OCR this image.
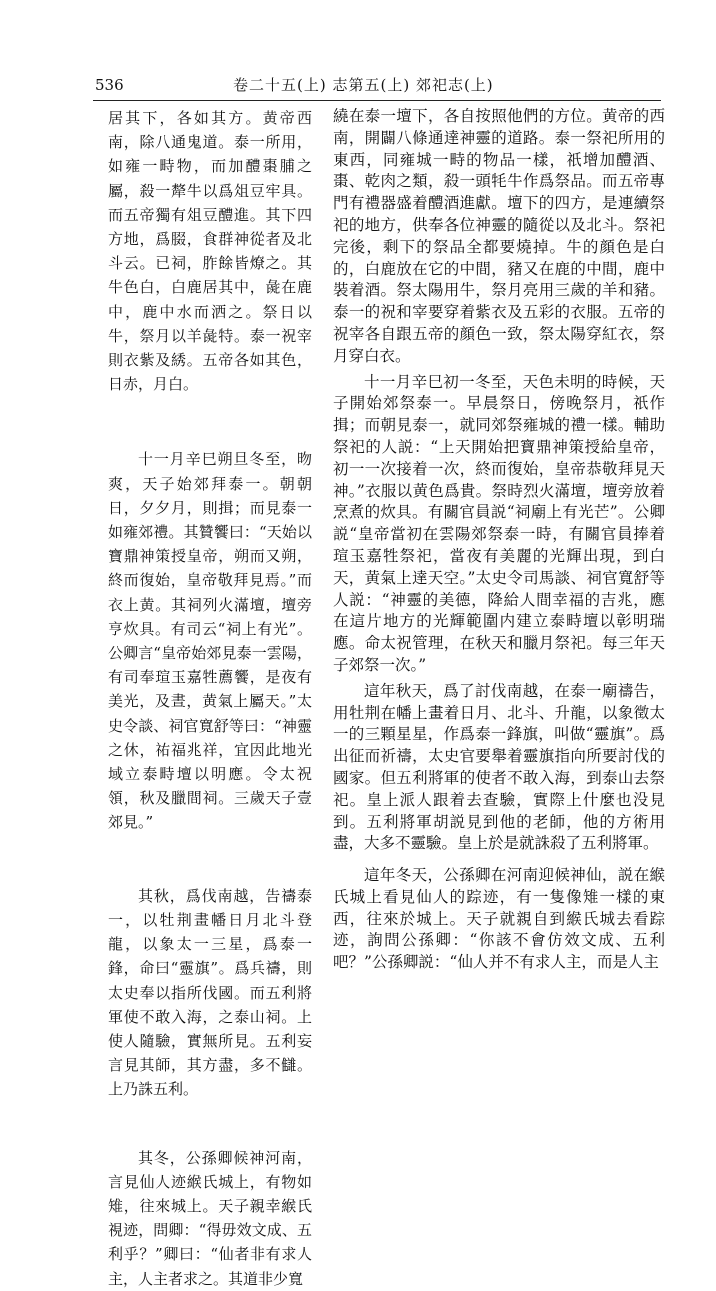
536	卷二十五(上) 志第五(上) 郊祀志(上)

居其下，各如其方。黄帝西南，除八通鬼道。泰一所用，如雍一畤物，而加醴棗脯之屬，殺一犛牛以爲俎豆牢具。而五帝獨有俎豆醴進。其下四方地，爲腏，食群神從者及北斗云。已祠，胙餘皆燎之。其牛色白，白鹿居其中，彘在鹿中，鹿中水而洒之。祭日以牛，祭月以羊彘特。泰一祝宰則衣紫及綉。五帝各如其色，日赤，月白。

十一月辛巳朔旦冬至，昒爽，天子始郊拜泰一。朝朝日，夕夕月，則揖；而見泰一如雍郊禮。其贊饗曰：“天始以寶鼎神策授皇帝，朔而又朔，終而復始，皇帝敬拜見焉。”而衣上黄。其祠列火滿壇，壇旁亨炊具。有司云“祠上有光”。公卿言“皇帝始郊見泰一雲陽，有司奉瑄玉嘉牲薦饗，是夜有美光，及晝，黄氣上屬天。”太史令談、祠官寬舒等曰：“神靈之休，祐福兆祥，宜因此地光域立泰畤壇以明應。令太祝領，秋及臘間祠。三歲天子壹郊見。”

其秋，爲伐南越，告禱泰一，以牡荆畫幡日月北斗登龍，以象太一三星，爲泰一鋒，命曰“靈旗”。爲兵禱，則太史奉以指所伐國。而五利將軍使不敢入海，之泰山祠。上使人隨驗，實無所見。五利妄言見其師，其方盡，多不讎。上乃誅五利。

其冬，公孫卿候神河南，言見仙人迹緱氏城上，有物如雉，往來城上。天子親幸緱氏視迹，問卿：“得毋效文成、五利乎？”卿曰：“仙者非有求人主，人主者求之。其道非少寬

繞在泰一壇下，各自按照他們的方位。黄帝的西南，開闢八條通達神靈的道路。泰一祭祀所用的東西，同雍城一畤的物品一樣，祇增加醴酒、棗、乾肉之類，殺一頭牦牛作爲祭品。而五帝專門有禮器盛着醴酒進獻。壇下的四方，是連續祭祀的地方，供奉各位神靈的隨從以及北斗。祭祀完後，剩下的祭品全都要燒掉。牛的顔色是白的，白鹿放在它的中間，豬又在鹿的中間，鹿中裝着酒。祭太陽用牛，祭月亮用三歲的羊和豬。泰一的祝和宰要穿着紫衣及五彩的衣服。五帝的祝宰各自跟五帝的顔色一致，祭太陽穿紅衣，祭月穿白衣。

十一月辛巳初一冬至，天色未明的時候，天子開始郊祭泰一。早晨祭日，傍晚祭月，祇作揖；而朝見泰一，就同郊祭雍城的禮一樣。輔助祭祀的人説：“上天開始把寶鼎神策授給皇帝，初一一次接着一次，終而復始，皇帝恭敬拜見天神。”衣服以黄色爲貴。祭時烈火滿壇，壇旁放着烹煮的炊具。有關官員説“祠廟上有光芒”。公卿説“皇帝當初在雲陽郊祭泰一時，有關官員捧着瑄玉嘉牲祭祀，當夜有美麗的光輝出現，到白天，黄氣上達天空。”太史令司馬談、祠官寬舒等人説：“神靈的美德，降給人間幸福的吉兆，應在這片地方的光輝範圍内建立泰畤壇以彰明瑞應。命太祝管理，在秋天和臘月祭祀。每三年天子郊祭一次。”

這年秋天，爲了討伐南越，在泰一廟禱告，用牡荆在幡上畫着日月、北斗、升龍，以象徵太一的三顆星星，作爲泰一鋒旗，叫做“靈旗”。爲出征而祈禱，太史官要舉着靈旗指向所要討伐的國家。但五利將軍的使者不敢入海，到泰山去祭祀。皇上派人跟着去查驗，實際上什麼也没見到。五利將軍胡説見到他的老師，他的方術用盡，大多不靈驗。皇上於是就誅殺了五利將軍。

這年冬天，公孫卿在河南迎候神仙，説在緱氏城上看見仙人的踪迹，有一隻像雉一樣的東西，往來於城上。天子就親自到緱氏城去看踪迹，詢問公孫卿：“你該不會仿效文成、五利吧？”公孫卿説：“仙人并不有求人主，而是人主
